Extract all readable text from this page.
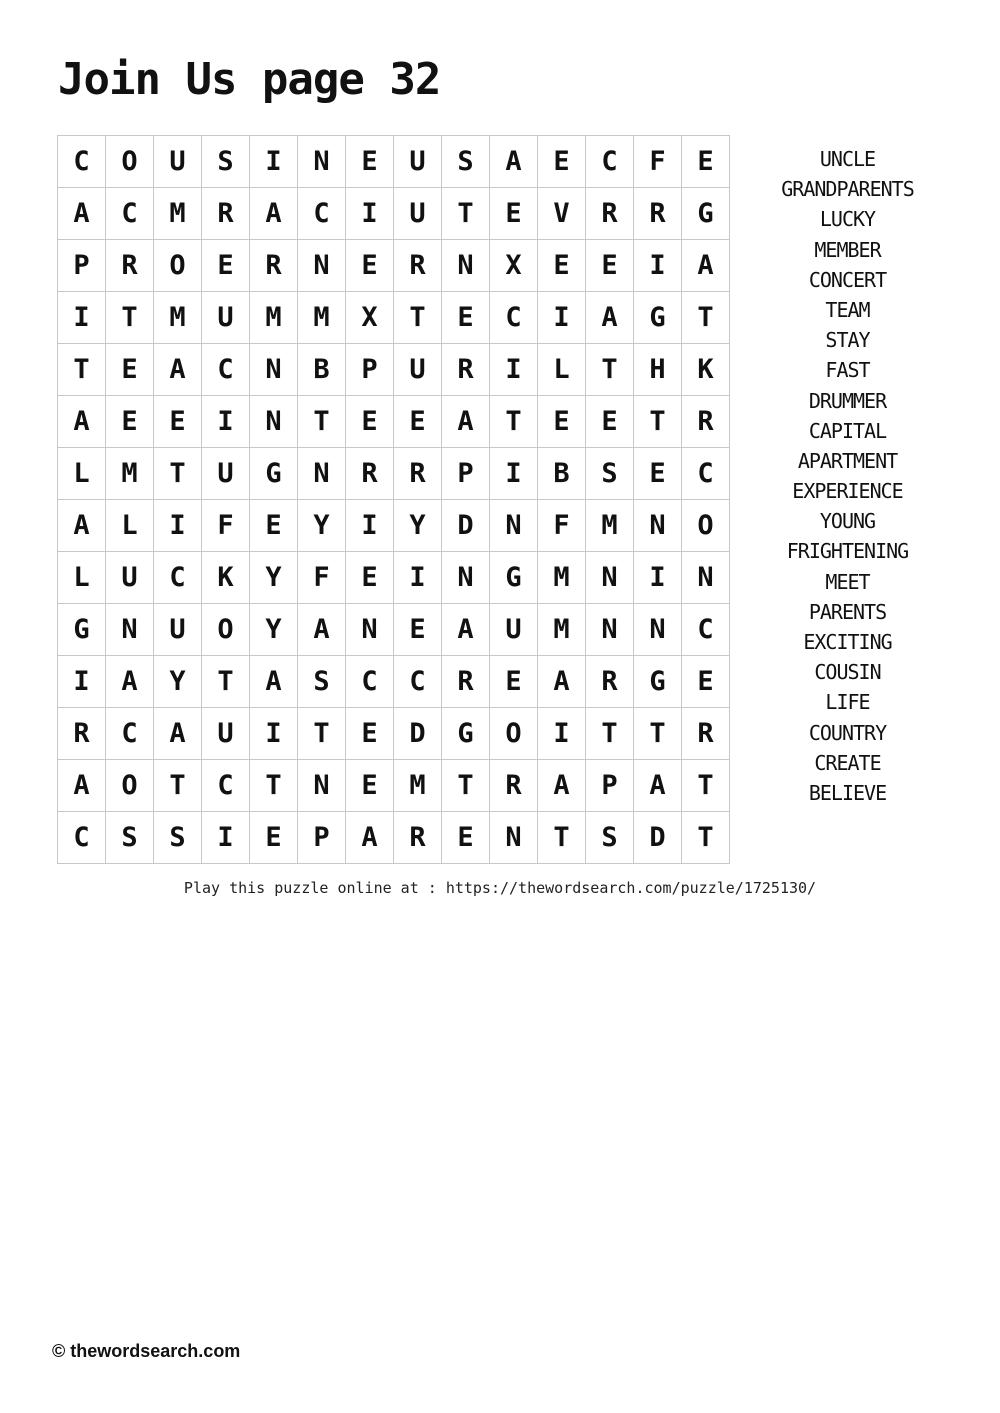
Join Us page 32
C	O	U	S	I	N	E	U	S	A	E	C	F	E
A	C	M	R	A	C	I	U	T	E	V	R	R	G
P	R	O	E	R	N	E	R	N	X	E	E	I	A
I	T	M	U	M	M	X	T	E	C	I	A	G	T
T	E	A	C	N	B	P	U	R	I	L	T	H	K
A	E	E	I	N	T	E	E	A	T	E	E	T	R
L	M	T	U	G	N	R	R	P	I	B	S	E	C
A	L	I	F	E	Y	I	Y	D	N	F	M	N	O
L	U	C	K	Y	F	E	I	N	G	M	N	I	N
G	N	U	O	Y	A	N	E	A	U	M	N	N	C
I	A	Y	T	A	S	C	C	R	E	A	R	G	E
R	C	A	U	I	T	E	D	G	O	I	T	T	R
A	O	T	C	T	N	E	M	T	R	A	P	A	T
C	S	S	I	E	P	A	R	E	N	T	S	D	T
UNCLE
GRANDPARENTS
LUCKY
MEMBER
CONCERT
TEAM
STAY
FAST
DRUMMER
CAPITAL
APARTMENT
EXPERIENCE
YOUNG
FRIGHTENING
MEET
PARENTS
EXCITING
COUSIN
LIFE
COUNTRY
CREATE
BELIEVE
Play this puzzle online at : https://thewordsearch.com/puzzle/1725130/
© thewordsearch.com
